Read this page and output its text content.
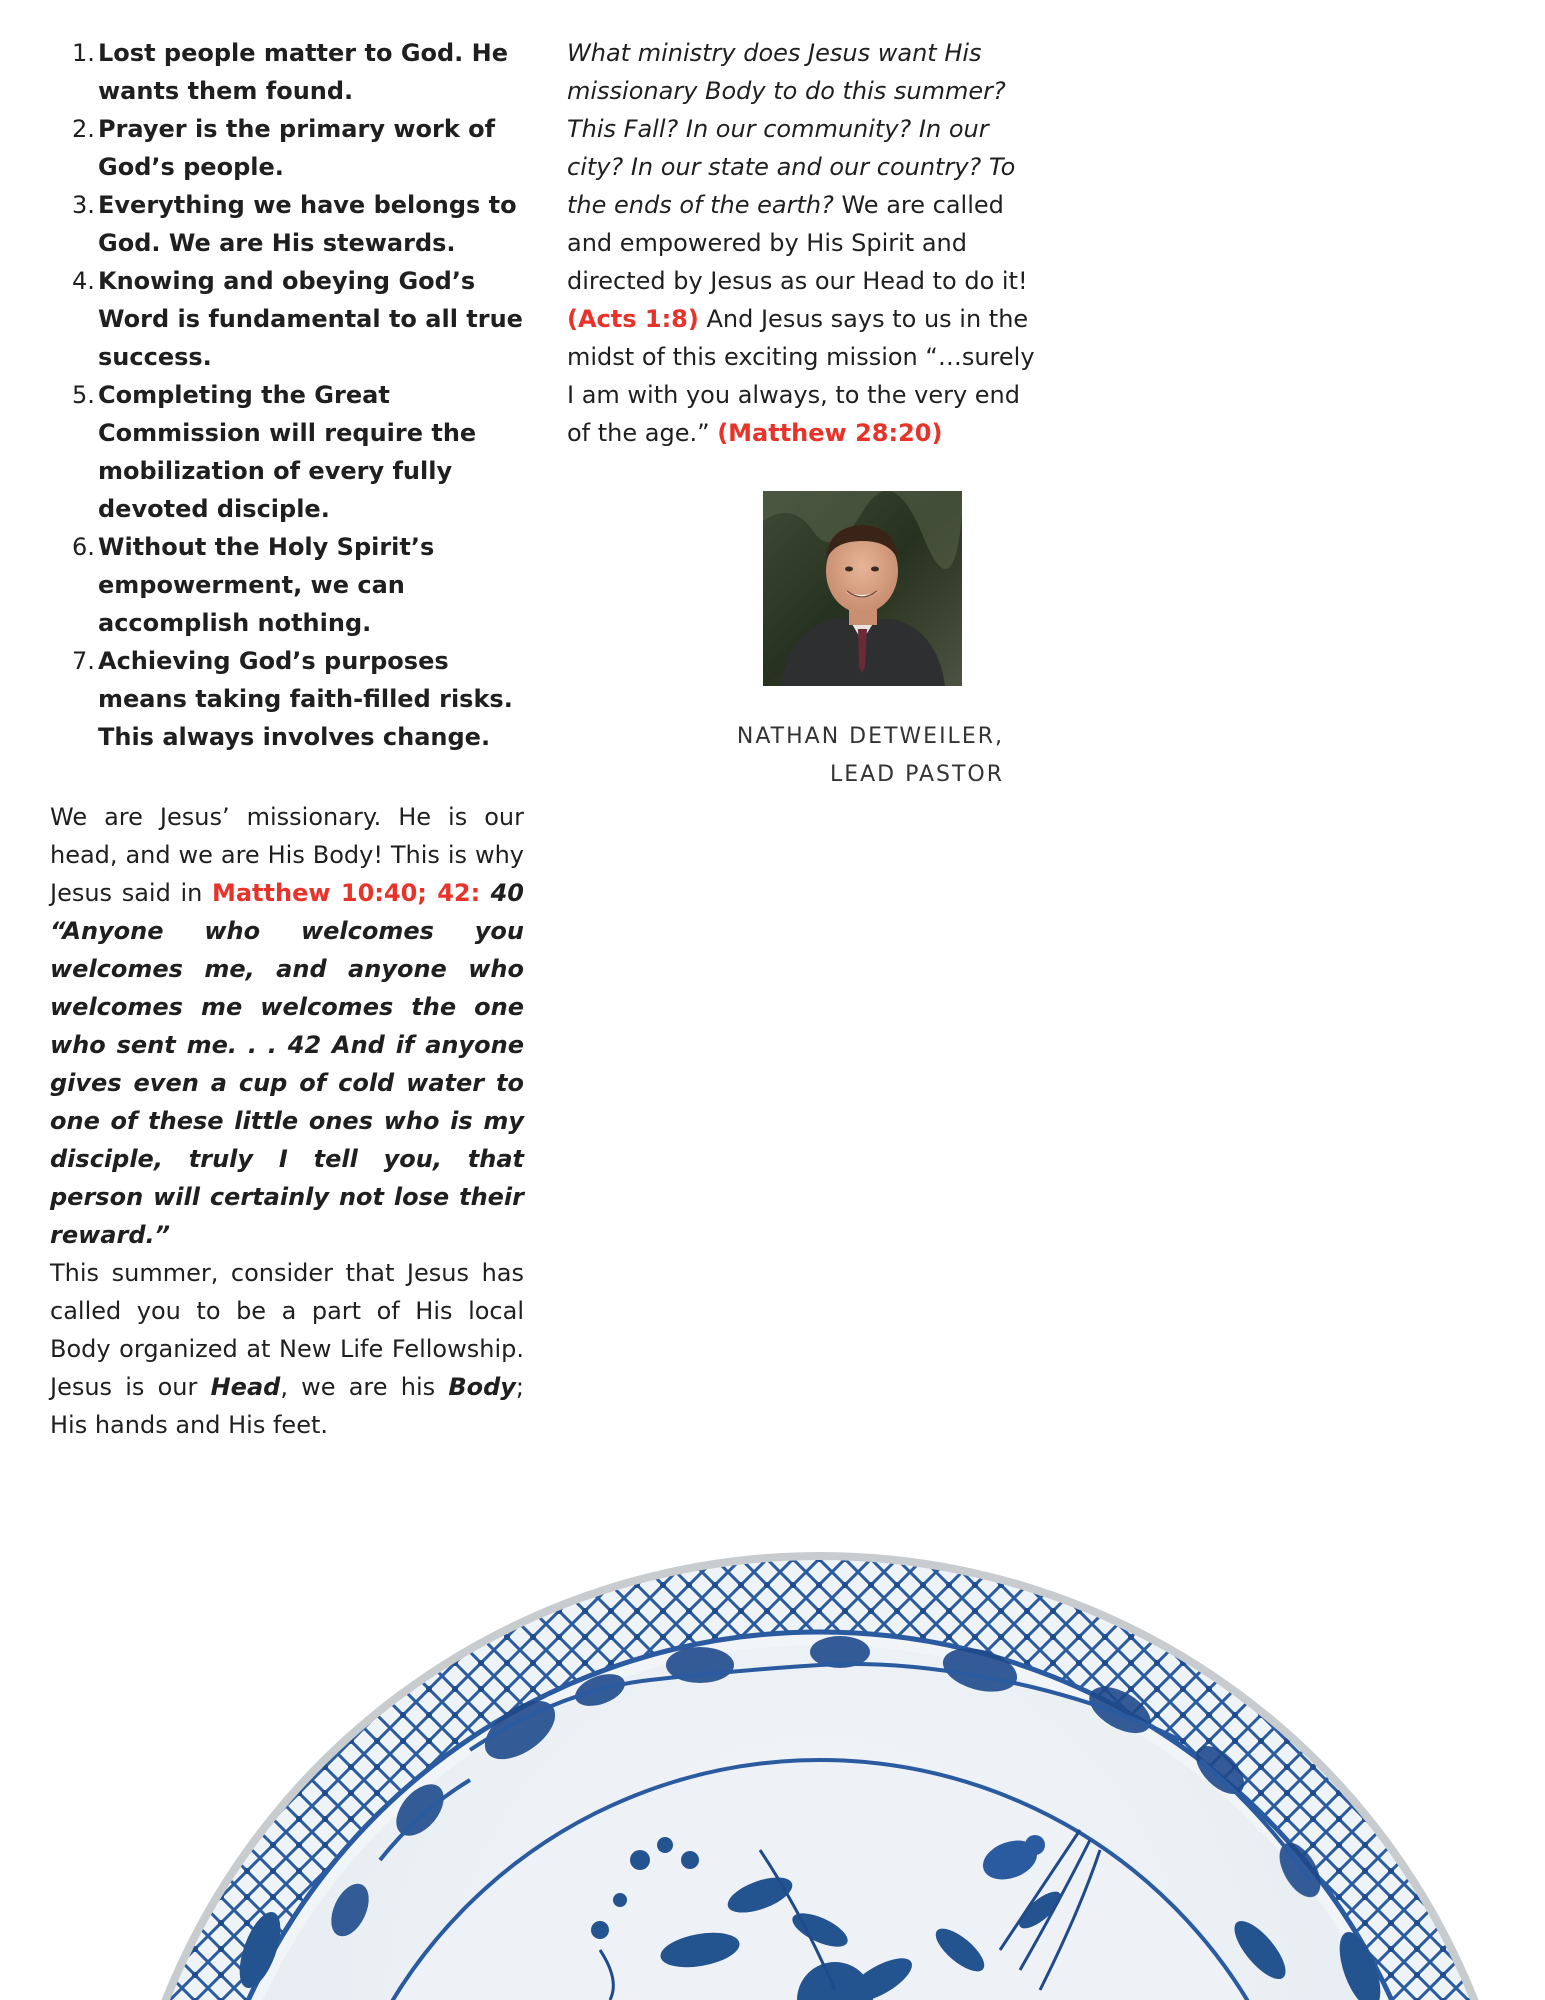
1. Lost people matter to God. He wants them found.
2. Prayer is the primary work of God’s people.
3. Everything we have belongs to God. We are His stewards.
4. Knowing and obeying God’s Word is fundamental to all true success.
5. Completing the Great Commission will require the mobilization of every fully devoted disciple.
6. Without the Holy Spirit’s empowerment, we can accomplish nothing.
7. Achieving God’s purposes means taking faith-filled risks. This always involves change.

We are Jesus’ missionary. He is our head, and we are His Body! This is why Jesus said in Matthew 10:40; 42: 40 “Anyone who welcomes you welcomes me, and anyone who welcomes me welcomes the one who sent me. . . 42 And if anyone gives even a cup of cold water to one of these little ones who is my disciple, truly I tell you, that person will certainly not lose their reward.”

This summer, consider that Jesus has called you to be a part of His local Body organized at New Life Fellowship. Jesus is our Head, we are his Body; His hands and His feet.

What ministry does Jesus want His missionary Body to do this summer? This Fall? In our community? In our city? In our state and our country? To the ends of the earth? We are called and empowered by His Spirit and directed by Jesus as our Head to do it! (Acts 1:8) And Jesus says to us in the midst of this exciting mission “…surely I am with you always, to the very end of the age.” (Matthew 28:20)

NATHAN DETWEILER,
LEAD PASTOR
